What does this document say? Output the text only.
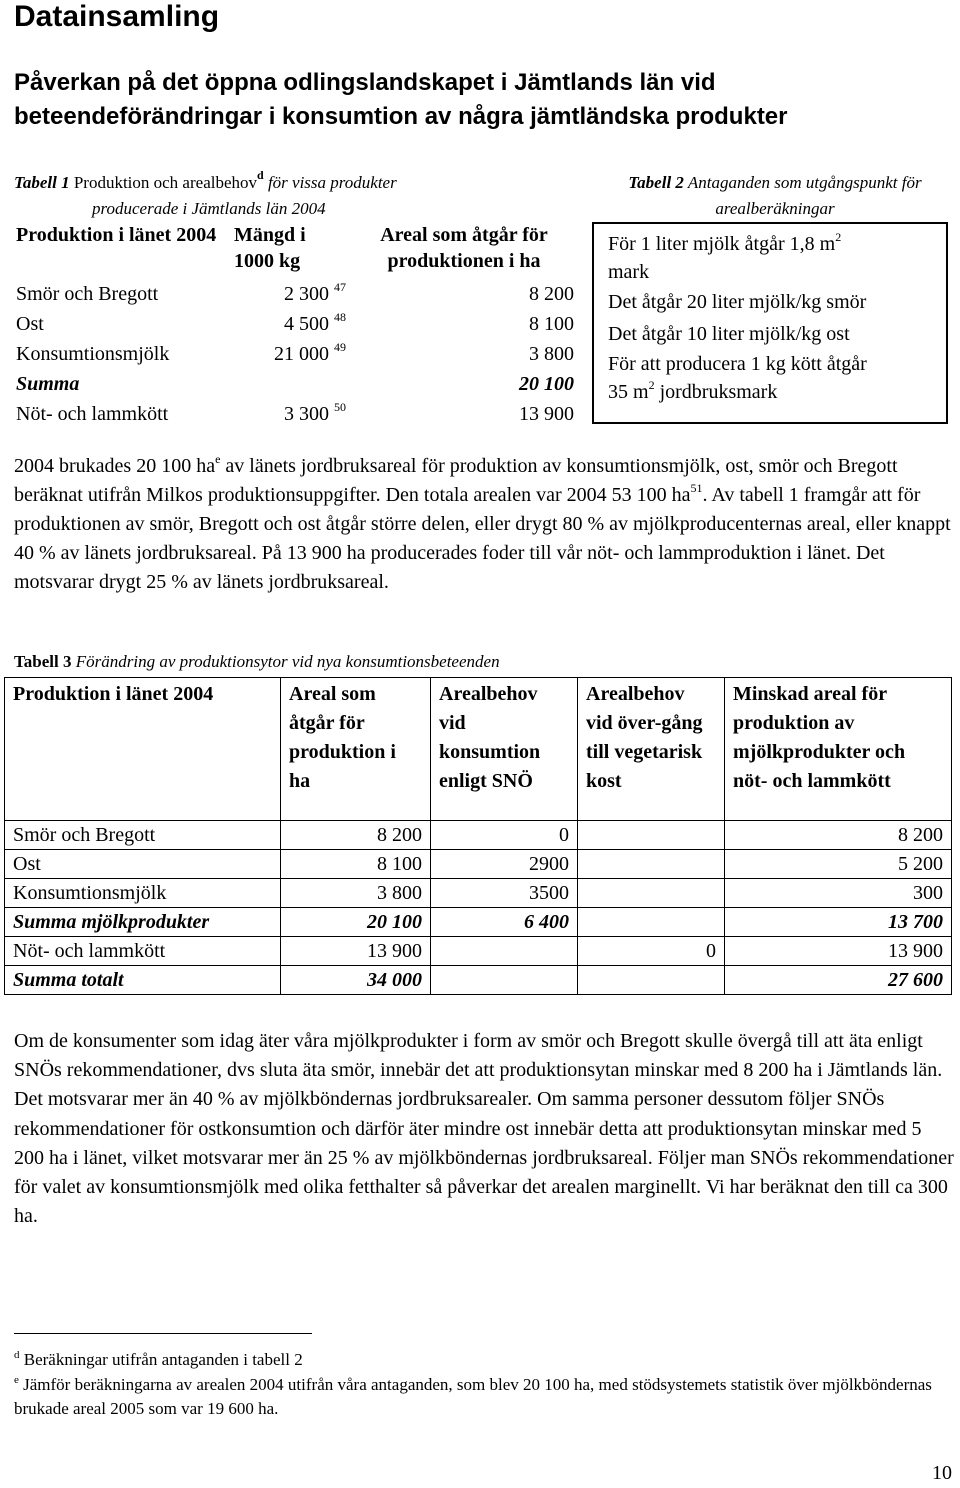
Datainsamling

Påverkan på det öppna odlingslandskapet i Jämtlands län vid beteendeförändringar i konsumtion av några jämtländska produkter

Tabell 1 Produktion och arealbehov$^d$ för vissa produkter
producerade i Jämtlands län 2004
Produktion i länet 2004	Mängd i 1000 kg	Areal som åtgår för produktionen i ha
Smör och Bregott	2 300 $^{47}$	8 200
Ost	4 500 $^{48}$	8 100
Konsumtionsmjölk	21 000 $^{49}$	3 800
Summa		20 100
Nöt- och lammkött	3 300 $^{50}$	13 900
Tabell 2 Antaganden som utgångspunkt för arealberäkningar

För 1 liter mjölk åtgår 1,8 $m^2$
mark

Det åtgår 20 liter mjölk/kg smör

Det åtgår 10 liter mjölk/kg ost

För att producera 1 kg kött åtgår
35 $m^2$ jordbruksmark

2004 brukades 20 100 $ha^e$ av länets jordbruksareal för produktion av konsumtionsmjölk, ost, smör och Bregott beräknat utifrån Milkos produktionsuppgifter. Den totala arealen var 2004 53 100 $ha^{51}$. Av tabell 1 framgår att för produktionen av smör, Bregott och ost åtgår större delen, eller drygt 80 % av mjölkproducenternas areal, eller knappt 40 % av länets jordbruksareal. På 13 900 ha producerades foder till vår nöt- och lammproduktion i länet. Det motsvarar drygt 25 % av länets jordbruksareal.

Tabell 3 Förändring av produktionsytor vid nya konsumtionsbeteenden
Produktion i länet 2004	Areal som åtgår för produktion i ha	Arealbehov vid konsumtion enligt SNÖ	Arealbehov vid över-gång till vegetarisk kost	Minskad areal för produktion av mjölkprodukter och nöt- och lammkött
Smör och Bregott	8 200	0		8 200
Ost	8 100	2900		5 200
Konsumtionsmjölk	3 800	3500		300
Summa mjölkprodukter	20 100	6 400		13 700
Nöt- och lammkött	13 900		0	13 900
Summa totalt	34 000			27 600

Om de konsumenter som idag äter våra mjölkprodukter i form av smör och Bregott skulle övergå till att äta enligt SNÖs rekommendationer, dvs sluta äta smör, innebär det att produktionsytan minskar med 8 200 ha i Jämtlands län. Det motsvarar mer än 40 % av mjölkböndernas jordbruksarealer. Om samma personer dessutom följer SNÖs rekommendationer för ostkonsumtion och därför äter mindre ost innebär detta att produktionsytan minskar med 5 200 ha i länet, vilket motsvarar mer än 25 % av mjölkböndernas jordbruksareal. Följer man SNÖs rekommendationer för valet av konsumtionsmjölk med olika fetthalter så påverkar det arealen marginellt. Vi har beräknat den till ca 300 ha.

$^d$ Beräkningar utifrån antaganden i tabell 2

$^e$ Jämför beräkningarna av arealen 2004 utifrån våra antaganden, som blev 20 100 ha, med stödsystemets statistik över mjölkböndernas brukade areal 2005 som var 19 600 ha.

10
